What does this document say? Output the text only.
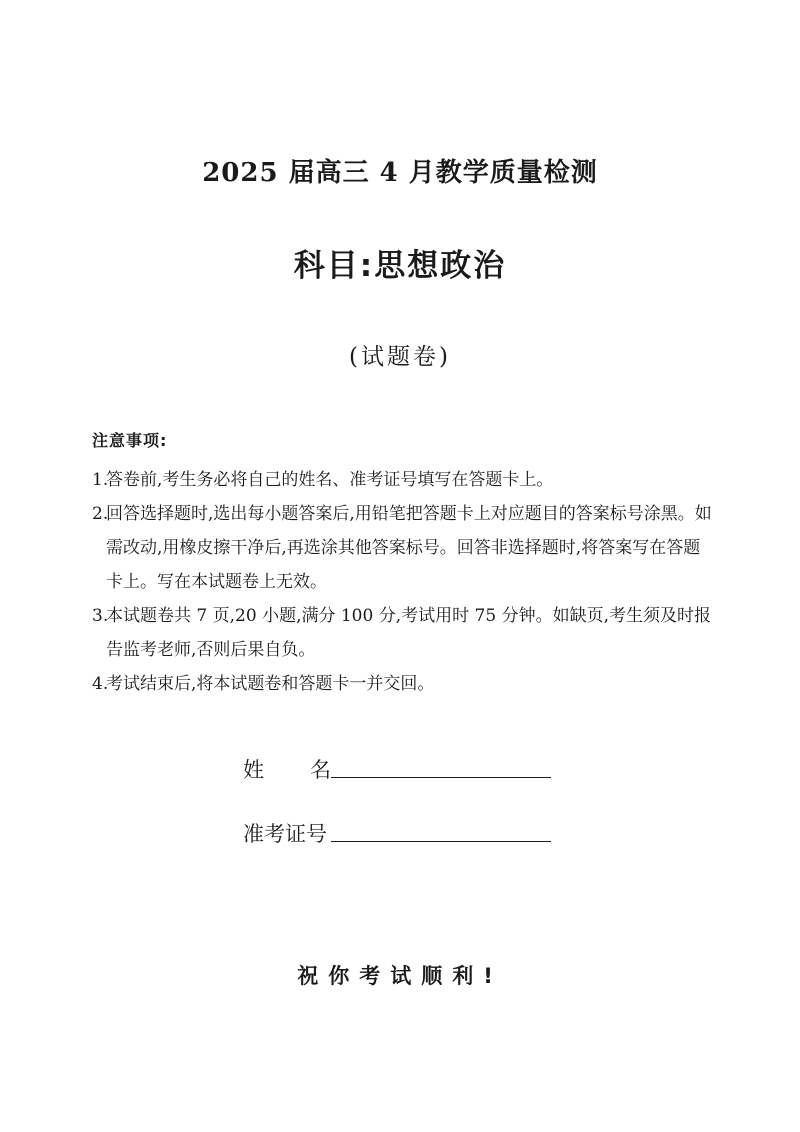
2025 届高三 4 月教学质量检测
科目:思想政治
(试题卷)
注意事项:
1.
答卷前,考生务必将自己的姓名、准考证号填写在答题卡上。
2.
回答选择题时,选出每小题答案后,用铅笔把答题卡上对应题目的答案标号涂黑。如需改动,用橡皮擦干净后,再选涂其他答案标号。回答非选择题时,将答案写在答题卡上。写在本试题卷上无效。
3.
本试题卷共 7 页,20 小题,满分 100 分,考试用时 75 分钟。如缺页,考生须及时报告监考老师,否则后果自负。
4.
考试结束后,将本试题卷和答题卡一并交回。
姓 名
准考证号
祝你考试顺利!
